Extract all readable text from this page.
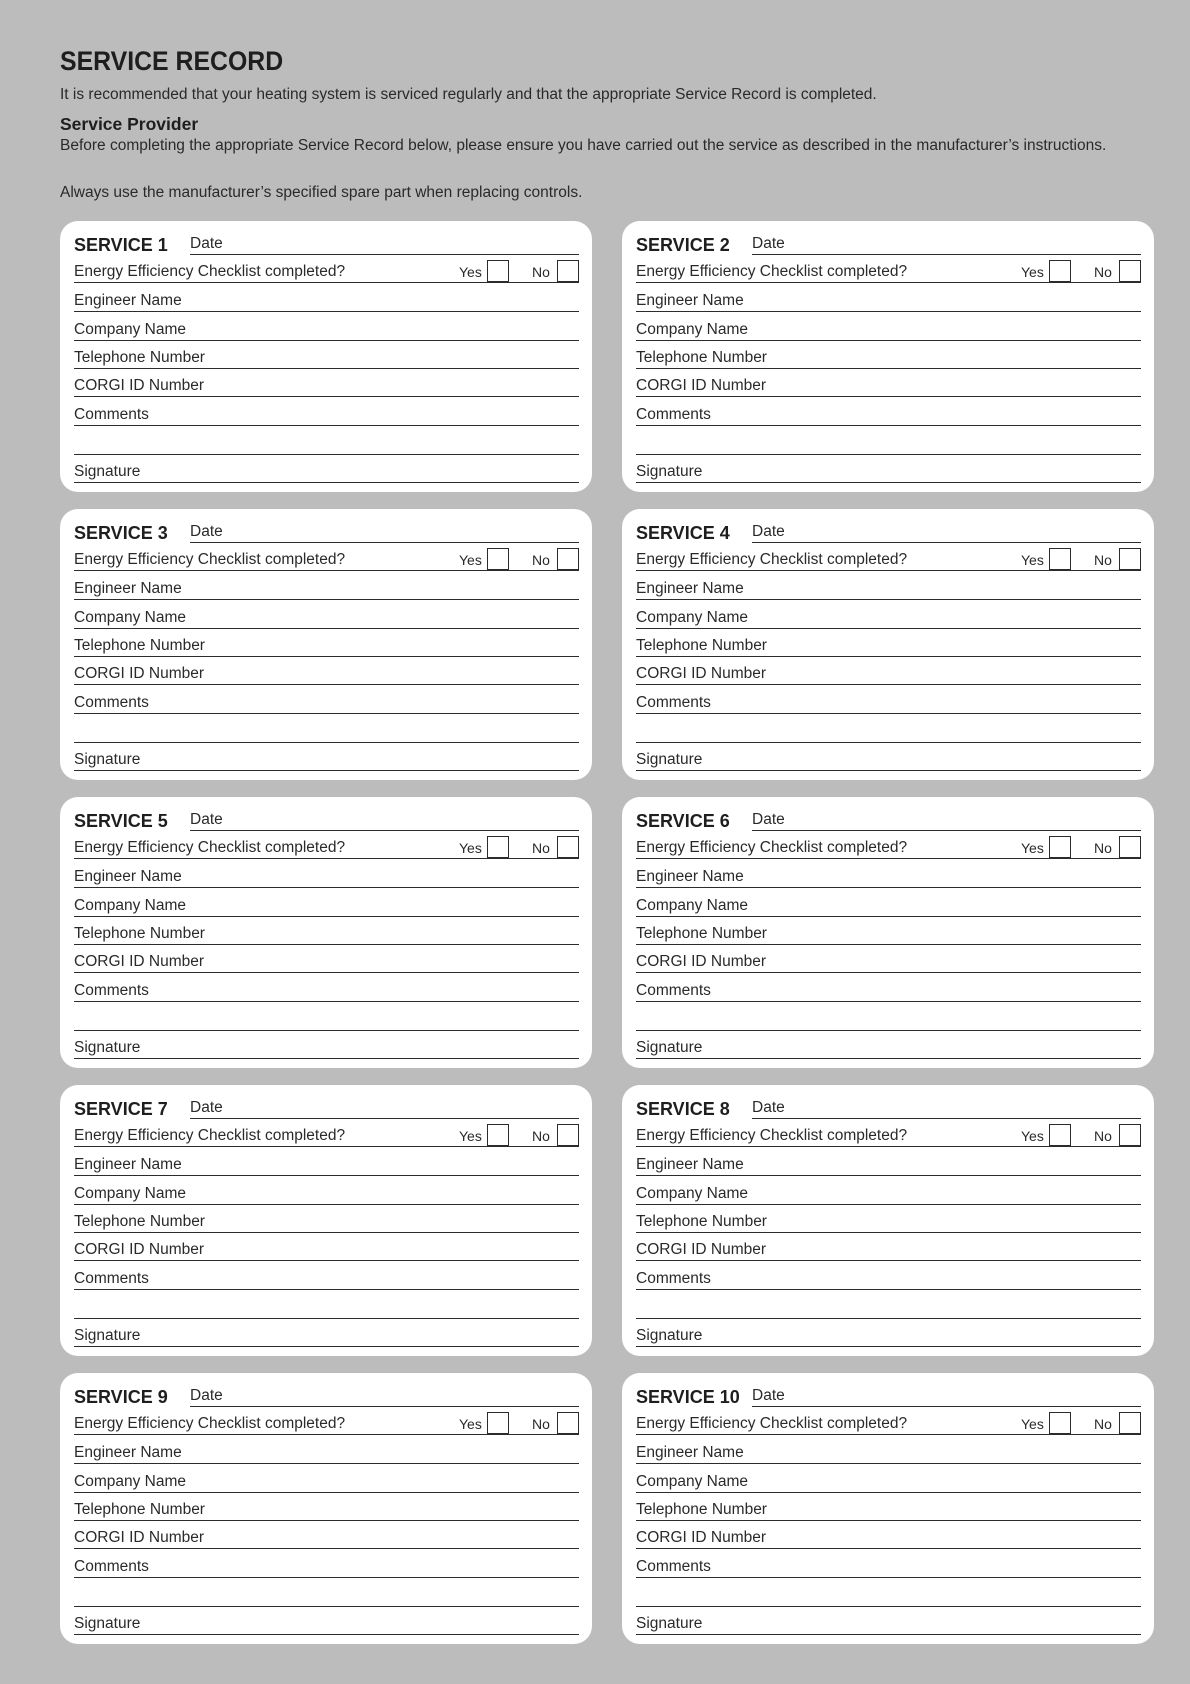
SERVICE RECORD
It is recommended that your heating system is serviced regularly and that the appropriate Service Record is completed.
Service Provider
Before completing the appropriate Service Record below, please ensure you have carried out the service as described in the manufacturer’s instructions.
Always use the manufacturer’s specified spare part when replacing controls.
SERVICE 1 Date
Energy Efficiency Checklist completed?	Yes	No
Engineer Name
Company Name
Telephone Number
CORGI ID Number
Comments
Signature
SERVICE 2 Date
Energy Efficiency Checklist completed?	Yes	No
Engineer Name
Company Name
Telephone Number
CORGI ID Number
Comments
Signature
SERVICE 3 Date
Energy Efficiency Checklist completed?	Yes	No
Engineer Name
Company Name
Telephone Number
CORGI ID Number
Comments
Signature
SERVICE 4 Date
Energy Efficiency Checklist completed?	Yes	No
Engineer Name
Company Name
Telephone Number
CORGI ID Number
Comments
Signature
SERVICE 5 Date
Energy Efficiency Checklist completed?	Yes	No
Engineer Name
Company Name
Telephone Number
CORGI ID Number
Comments
Signature
SERVICE 6 Date
Energy Efficiency Checklist completed?	Yes	No
Engineer Name
Company Name
Telephone Number
CORGI ID Number
Comments
Signature
SERVICE 7 Date
Energy Efficiency Checklist completed?	Yes	No
Engineer Name
Company Name
Telephone Number
CORGI ID Number
Comments
Signature
SERVICE 8 Date
Energy Efficiency Checklist completed?	Yes	No
Engineer Name
Company Name
Telephone Number
CORGI ID Number
Comments
Signature
SERVICE 9 Date
Energy Efficiency Checklist completed?	Yes	No
Engineer Name
Company Name
Telephone Number
CORGI ID Number
Comments
Signature
SERVICE 10 Date
Energy Efficiency Checklist completed?	Yes	No
Engineer Name
Company Name
Telephone Number
CORGI ID Number
Comments
Signature
